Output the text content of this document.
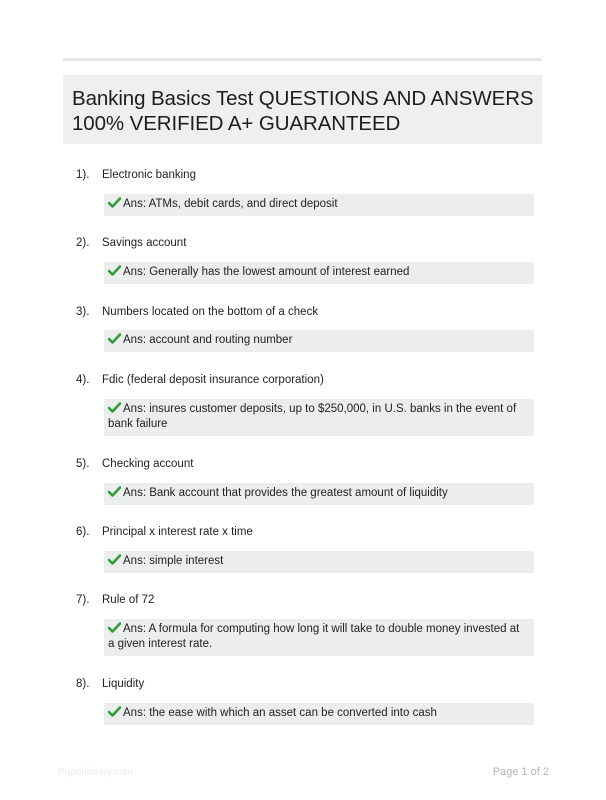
Banking Basics Test QUESTIONS AND ANSWERS 100% VERIFIED A+ GUARANTEED
1). Electronic banking
Ans: ATMs, debit cards, and direct deposit
2). Savings account
Ans: Generally has the lowest amount of interest earned
3). Numbers located on the bottom of a check
Ans: account and routing number
4). Fdic (federal deposit insurance corporation)
Ans: insures customer deposits, up to $250,000, in U.S. banks in the event of bank failure
5). Checking account
Ans: Bank account that provides the greatest amount of liquidity
6). Principal x interest rate x time
Ans: simple interest
7). Rule of 72
Ans: A formula for computing how long it will take to double money invested at a given interest rate.
8). Liquidity
Ans: the ease with which an asset can be converted into cash
Paperlibrary.com	Page 1 of 2
